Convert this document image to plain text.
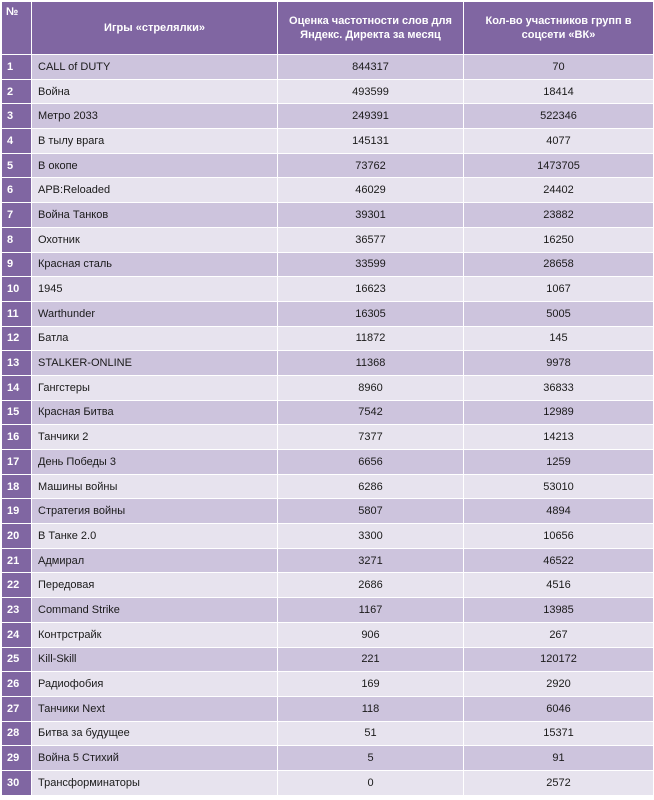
№	Игры «стрелялки»	Оценка частотности слов для Яндекс. Директа за месяц	Кол-во участников групп в соцсети «ВК»
1	CALL of DUTY	844317	70
2	Война	493599	18414
3	Метро 2033	249391	522346
4	В тылу врага	145131	4077
5	В окопе	73762	1473705
6	APB:Reloaded	46029	24402
7	Война Танков	39301	23882
8	Охотник	36577	16250
9	Красная сталь	33599	28658
10	1945	16623	1067
11	Warthunder	16305	5005
12	Батла	11872	145
13	STALKER-ONLINE	11368	9978
14	Гангстеры	8960	36833
15	Красная Битва	7542	12989
16	Танчики 2	7377	14213
17	День Победы 3	6656	1259
18	Машины войны	6286	53010
19	Стратегия войны	5807	4894
20	В Танке 2.0	3300	10656
21	Адмирал	3271	46522
22	Передовая	2686	4516
23	Command Strike	1167	13985
24	Контрстрайк	906	267
25	Kill-Skill	221	120172
26	Радиофобия	169	2920
27	Танчики Next	118	6046
28	Битва за будущее	51	15371
29	Война 5 Стихий	5	91
30	Трансформинаторы	0	2572
